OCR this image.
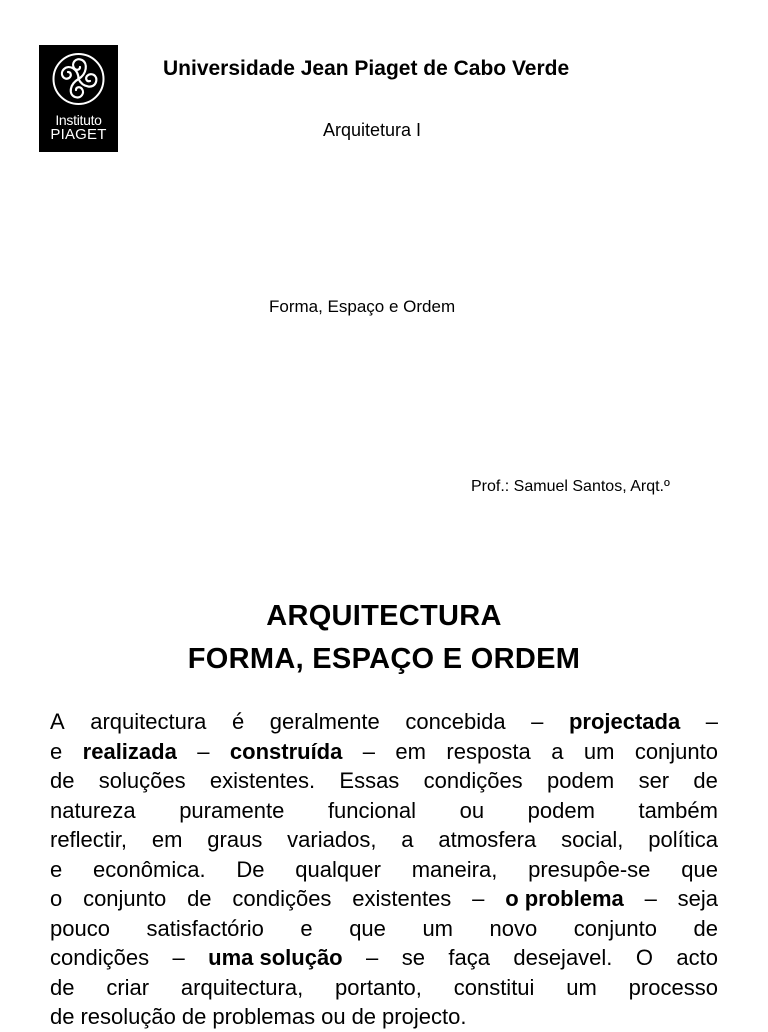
Instituto
PIAGET
Universidade Jean Piaget de Cabo Verde
Arquitetura I
Forma, Espaço e Ordem
Prof.: Samuel Santos, Arqt.º
ARQUITECTURA
FORMA, ESPAÇO E ORDEM
A arquitectura é geralmente concebida – projectada –
e realizada – construída – em resposta a um conjunto
de soluções existentes. Essas condições podem ser de
natureza puramente funcional ou podem também
reflectir, em graus variados, a atmosfera social, política
e econômica. De qualquer maneira, presupôe-se que
o conjunto de condições existentes – o problema – seja
pouco satisfactório e que um novo conjunto de
condições – uma solução – se faça desejavel. O acto
de criar arquitectura, portanto, constitui um processo
de resolução de problemas ou de projecto.
